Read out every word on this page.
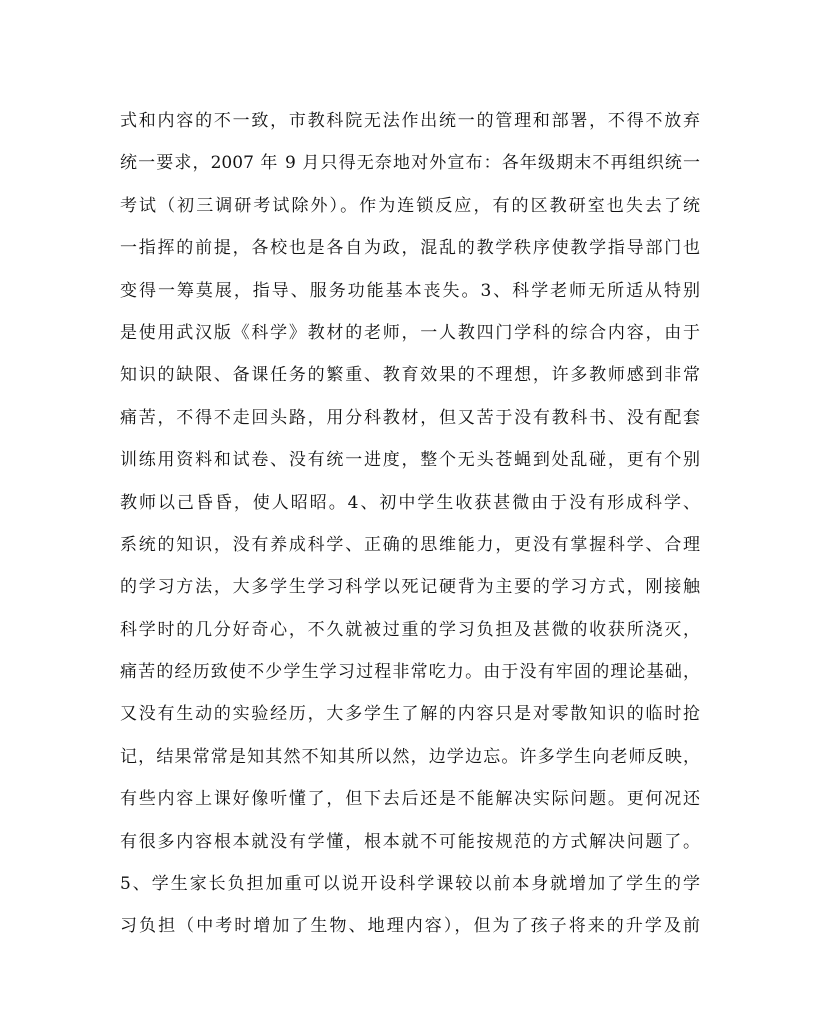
式和内容的不一致，市教科院无法作出统一的管理和部署，不得不放弃
统一要求，2007 年 9 月只得无奈地对外宣布：各年级期末不再组织统一
考试（初三调研考试除外）。作为连锁反应，有的区教研室也失去了统
一指挥的前提，各校也是各自为政，混乱的教学秩序使教学指导部门也
变得一筹莫展，指导、服务功能基本丧失。3、科学老师无所适从特别
是使用武汉版《科学》教材的老师，一人教四门学科的综合内容，由于
知识的缺限、备课任务的繁重、教育效果的不理想，许多教师感到非常
痛苦，不得不走回头路，用分科教材，但又苦于没有教科书、没有配套
训练用资料和试卷、没有统一进度，整个无头苍蝇到处乱碰，更有个别
教师以己昏昏，使人昭昭。4、初中学生收获甚微由于没有形成科学、
系统的知识，没有养成科学、正确的思维能力，更没有掌握科学、合理
的学习方法，大多学生学习科学以死记硬背为主要的学习方式，刚接触
科学时的几分好奇心，不久就被过重的学习负担及甚微的收获所浇灭，
痛苦的经历致使不少学生学习过程非常吃力。由于没有牢固的理论基础，
又没有生动的实验经历，大多学生了解的内容只是对零散知识的临时抢
记，结果常常是知其然不知其所以然，边学边忘。许多学生向老师反映，
有些内容上课好像听懂了，但下去后还是不能解决实际问题。更何况还
有很多内容根本就没有学懂，根本就不可能按规范的方式解决问题了。
5、学生家长负担加重可以说开设科学课较以前本身就增加了学生的学
习负担（中考时增加了生物、地理内容），但为了孩子将来的升学及前
